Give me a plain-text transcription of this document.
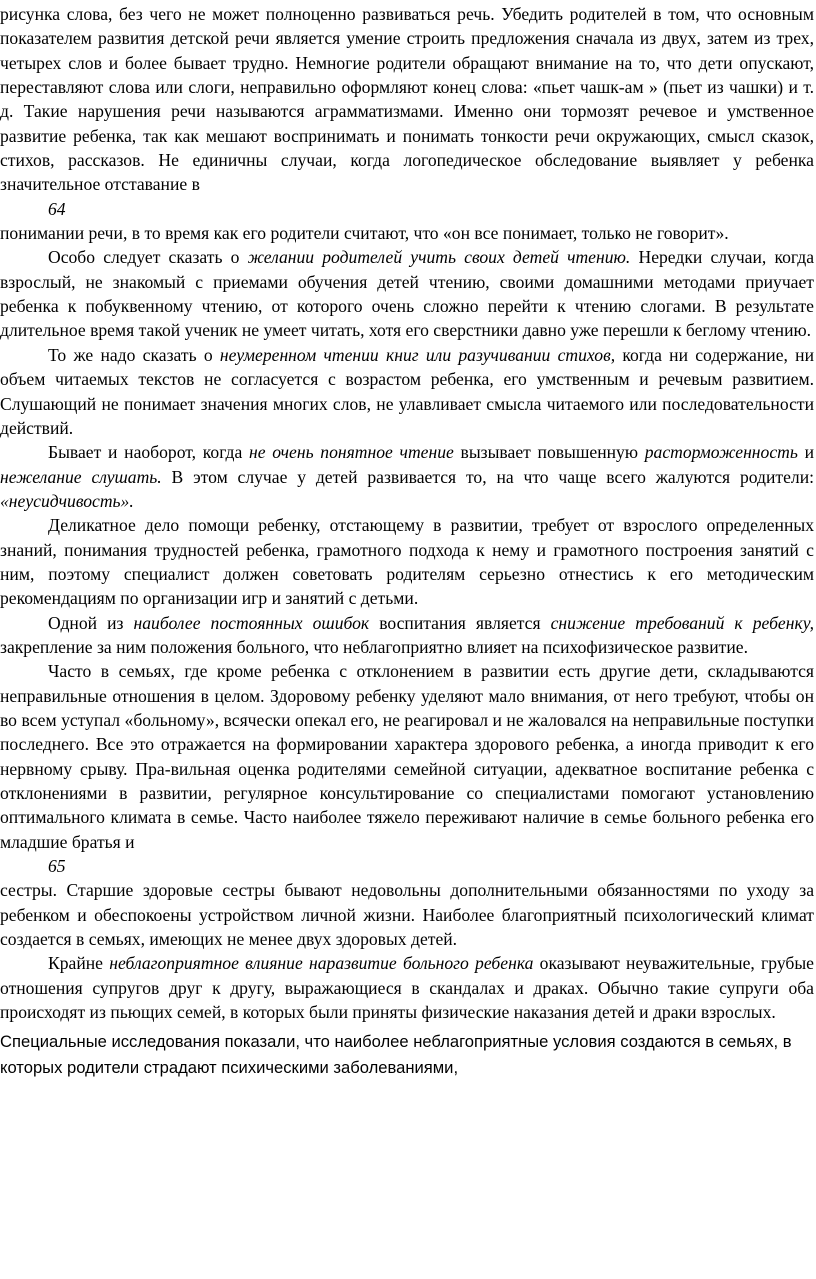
рисунка слова, без чего не может полноценно развиваться речь. Убедить родителей в том, что основным показателем развития детской речи является умение строить предложения сначала из двух, затем из трех, четырех слов и более бывает трудно. Немногие родители обращают внимание на то, что дети опускают, переставляют слова или слоги, неправильно оформляют конец слова: «пьет чашк-ам » (пьет из чашки) и т. д. Такие нарушения речи называются аграмматизмами. Именно они тормозят речевое и умственное развитие ребенка, так как мешают воспринимать и понимать тонкости речи окружающих, смысл сказок, стихов, рассказов. Не единичны случаи, когда логопедическое обследование выявляет у ребенка значительное отставание в

64

понимании речи, в то время как его родители считают, что «он все понимает, только не говорит».

Особо следует сказать о желании родителей учить своих детей чтению. Нередки случаи, когда взрослый, не знакомый с приемами обучения детей чтению, своими домашними методами приучает ребенка к побуквенному чтению, от которого очень сложно перейти к чтению слогами. В результате длительное время такой ученик не умеет читать, хотя его сверстники давно уже перешли к беглому чтению.

То же надо сказать о неумеренном чтении книг или разучивании стихов, когда ни содержание, ни объем читаемых текстов не согласуется с возрастом ребенка, его умственным и речевым развитием. Слушающий не понимает значения многих слов, не улавливает смысла читаемого или последовательности действий.

Бывает и наоборот, когда не очень понятное чтение вызывает повышенную расторможенность и нежелание слушать. В этом случае у детей развивается то, на что чаще всего жалуются родители: «неусидчивость».

Деликатное дело помощи ребенку, отстающему в развитии, требует от взрослого определенных знаний, понимания трудностей ребенка, грамотного подхода к нему и грамотного построения занятий с ним, поэтому специалист должен советовать родителям серьезно отнестись к его методическим рекомендациям по организации игр и занятий с детьми.

Одной из наиболее постоянных ошибок воспитания является снижение требований к ребенку, закрепление за ним положения больного, что неблагоприятно влияет на психофизическое развитие.

Часто в семьях, где кроме ребенка с отклонением в развитии есть другие дети, складываются неправильные отношения в целом. Здоровому ребенку уделяют мало внимания, от него требуют, чтобы он во всем уступал «больному», всячески опекал его, не реагировал и не жаловался на неправильные поступки последнего. Все это отражается на формировании характера здорового ребенка, а иногда приводит к его нервному срыву. Пра-вильная оценка родителями семейной ситуации, адекватное воспитание ребенка с отклонениями в развитии, регулярное консультирование со специалистами помогают установлению оптимального климата в семье. Часто наиболее тяжело переживают наличие в семье больного ребенка его младшие братья и

65

сестры. Старшие здоровые сестры бывают недовольны дополнительными обязанностями по уходу за ребенком и обеспокоены устройством личной жизни. Наиболее благоприятный психологический климат создается в семьях, имеющих не менее двух здоровых детей.

Крайне неблагоприятное влияние наразвитие больного ребенка оказывают неуважительные, грубые отношения супругов друг к другу, выражающиеся в скандалах и драках. Обычно такие супруги оба происходят из пьющих семей, в которых были приняты физические наказания детей и драки взрослых.

Специальные исследования показали, что наиболее неблагоприятные условия создаются в семьях, в которых родители страдают психическими заболеваниями,
